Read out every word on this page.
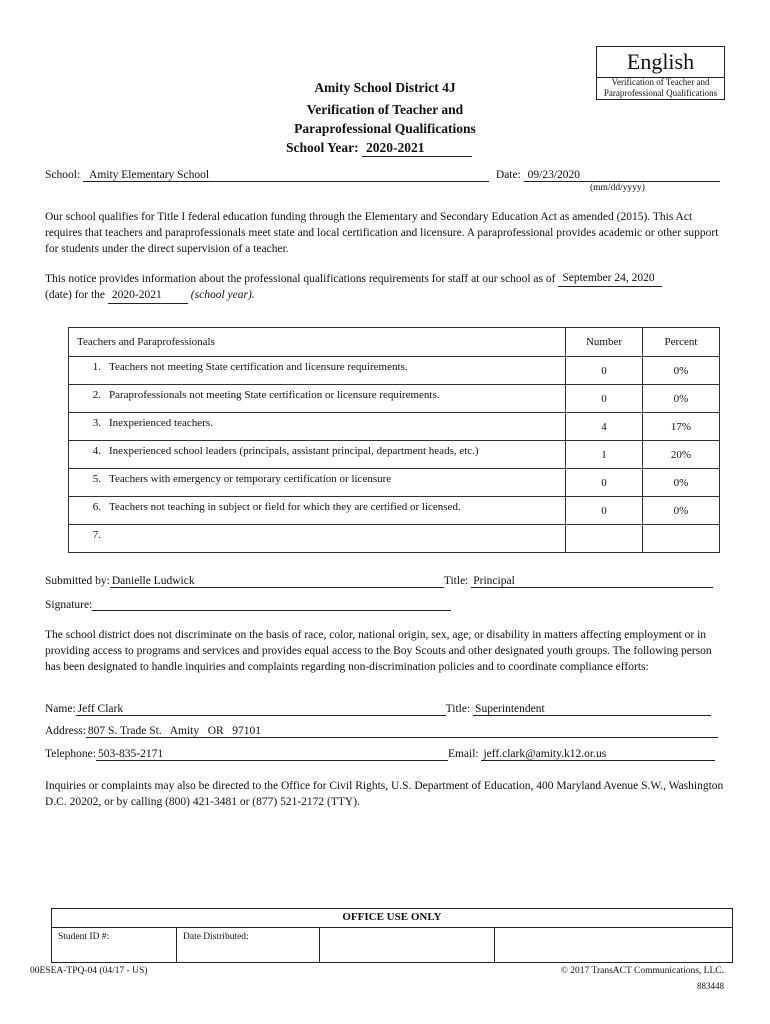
English
Verification of Teacher and
Paraprofessional Qualifications
Amity School District 4J
Verification of Teacher and
Paraprofessional Qualifications
School Year: 2020-2021
School: Amity Elementary School	Date: 09/23/2020
(mm/dd/yyyy)
Our school qualifies for Title I federal education funding through the Elementary and Secondary Education Act as amended (2015). This Act requires that teachers and paraprofessionals meet state and local certification and licensure. A paraprofessional provides academic or other support for students under the direct supervision of a teacher.
This notice provides information about the professional qualifications requirements for staff at our school as of September 24, 2020
(date) for the 2020-2021	(school year).
Teachers and Paraprofessionals	Number	Percent

1. Teachers not meeting State certification and licensure requirements.	0	0%

2. Paraprofessionals not meeting State certification or licensure requirements.	0	0%

3. Inexperienced teachers.	4	17%

4. Inexperienced school leaders (principals, assistant principal, department heads, etc.)	1	20%

5. Teachers with emergency or temporary certification or licensure	0	0%

6. Teachers not teaching in subject or field for which they are certified or licensed.	0	0%

7.		

Submitted by: Danielle Ludwick	Title: Principal
Signature:
The school district does not discriminate on the basis of race, color, national origin, sex, age, or disability in matters affecting employment or in providing access to programs and services and provides equal access to the Boy Scouts and other designated youth groups. The following person has been designated to handle inquiries and complaints regarding non-discrimination policies and to coordinate compliance efforts:
Name: Jeff Clark	Title: Superintendent
Address: 807 S. Trade St.   Amity   OR   97101
Telephone: 503-835-2171	Email: jeff.clark@amity.k12.or.us
Inquiries or complaints may also be directed to the Office for Civil Rights, U.S. Department of Education, 400 Maryland Avenue S.W., Washington   D.C. 20202, or by calling (800) 421-3481 or (877) 521-2172 (TTY).
OFFICE USE ONLY
Student ID #:	Date Distributed:		
00ESEA-TPQ-04 (04/17 - US)	© 2017 TransACT Communications, LLC.
883448
